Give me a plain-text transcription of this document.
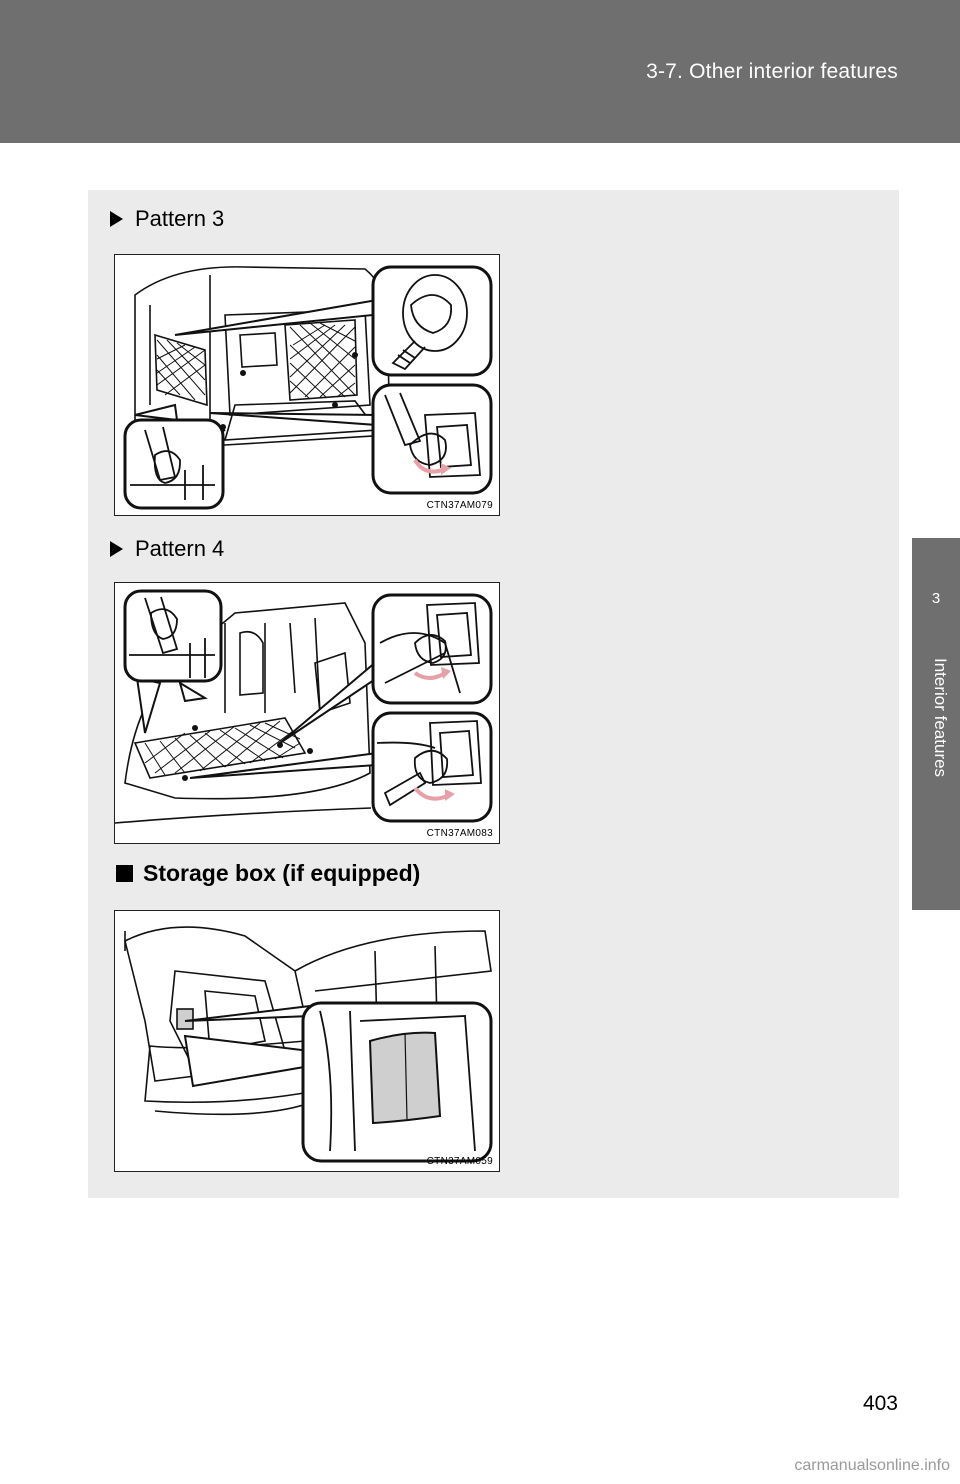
3-7. Other interior features
3
Interior features
Pattern 3
CTN37AM079
Pattern 4
CTN37AM083
Storage box (if equipped)
CTN37AM059
403
carmanualsonline.info
